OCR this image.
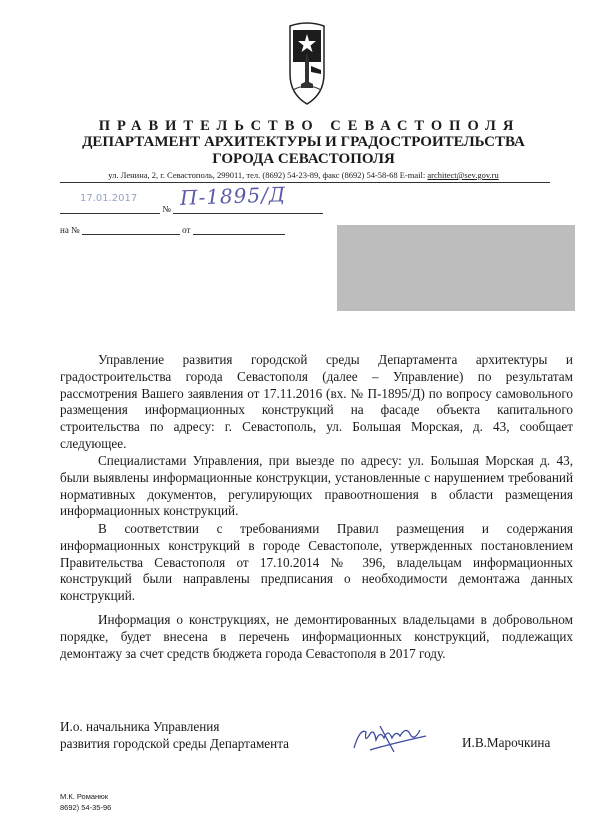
ПРАВИТЕЛЬСТВО СЕВАСТОПОЛЯ
ДЕПАРТАМЕНТ АРХИТЕКТУРЫ И ГРАДОСТРОИТЕЛЬСТВА
ГОРОДА СЕВАСТОПОЛЯ
ул. Ленина, 2, г. Севастополь, 299011, тел. (8692) 54-23-89, факс (8692) 54-58-68 E-mail: architect@sev.gov.ru
17.01.2017
№ П-1895/Д
на №	от

Управление развития городской среды Департамента архитектуры и градостроительства города Севастополя (далее – Управление) по результатам рассмотрения Вашего заявления от 17.11.2016 (вх. № П-1895/Д) по вопросу самовольного размещения информационных конструкций на фасаде объекта капитального строительства по адресу: г. Севастополь, ул. Большая Морская, д. 43, сообщает следующее.

Специалистами Управления, при выезде по адресу: ул. Большая Морская д. 43, были выявлены информационные конструкции, установленные с нарушением требований нормативных документов, регулирующих правоотношения в области размещения информационных конструкций.

В соответствии с требованиями Правил размещения и содержания информационных конструкций в городе Севастополе, утвержденных постановлением Правительства Севастополя от 17.10.2014 № 396, владельцам информационных конструкций были направлены предписания о необходимости демонтажа данных конструкций.

Информация о конструкциях, не демонтированных владельцами в добровольном порядке, будет внесена в перечень информационных конструкций, подлежащих демонтажу за счет средств бюджета города Севастополя в 2017 году.

И.о. начальника Управления
развития городской среды Департамента	И.В.Марочкина
М.К. Романюк
8692) 54-35-96
